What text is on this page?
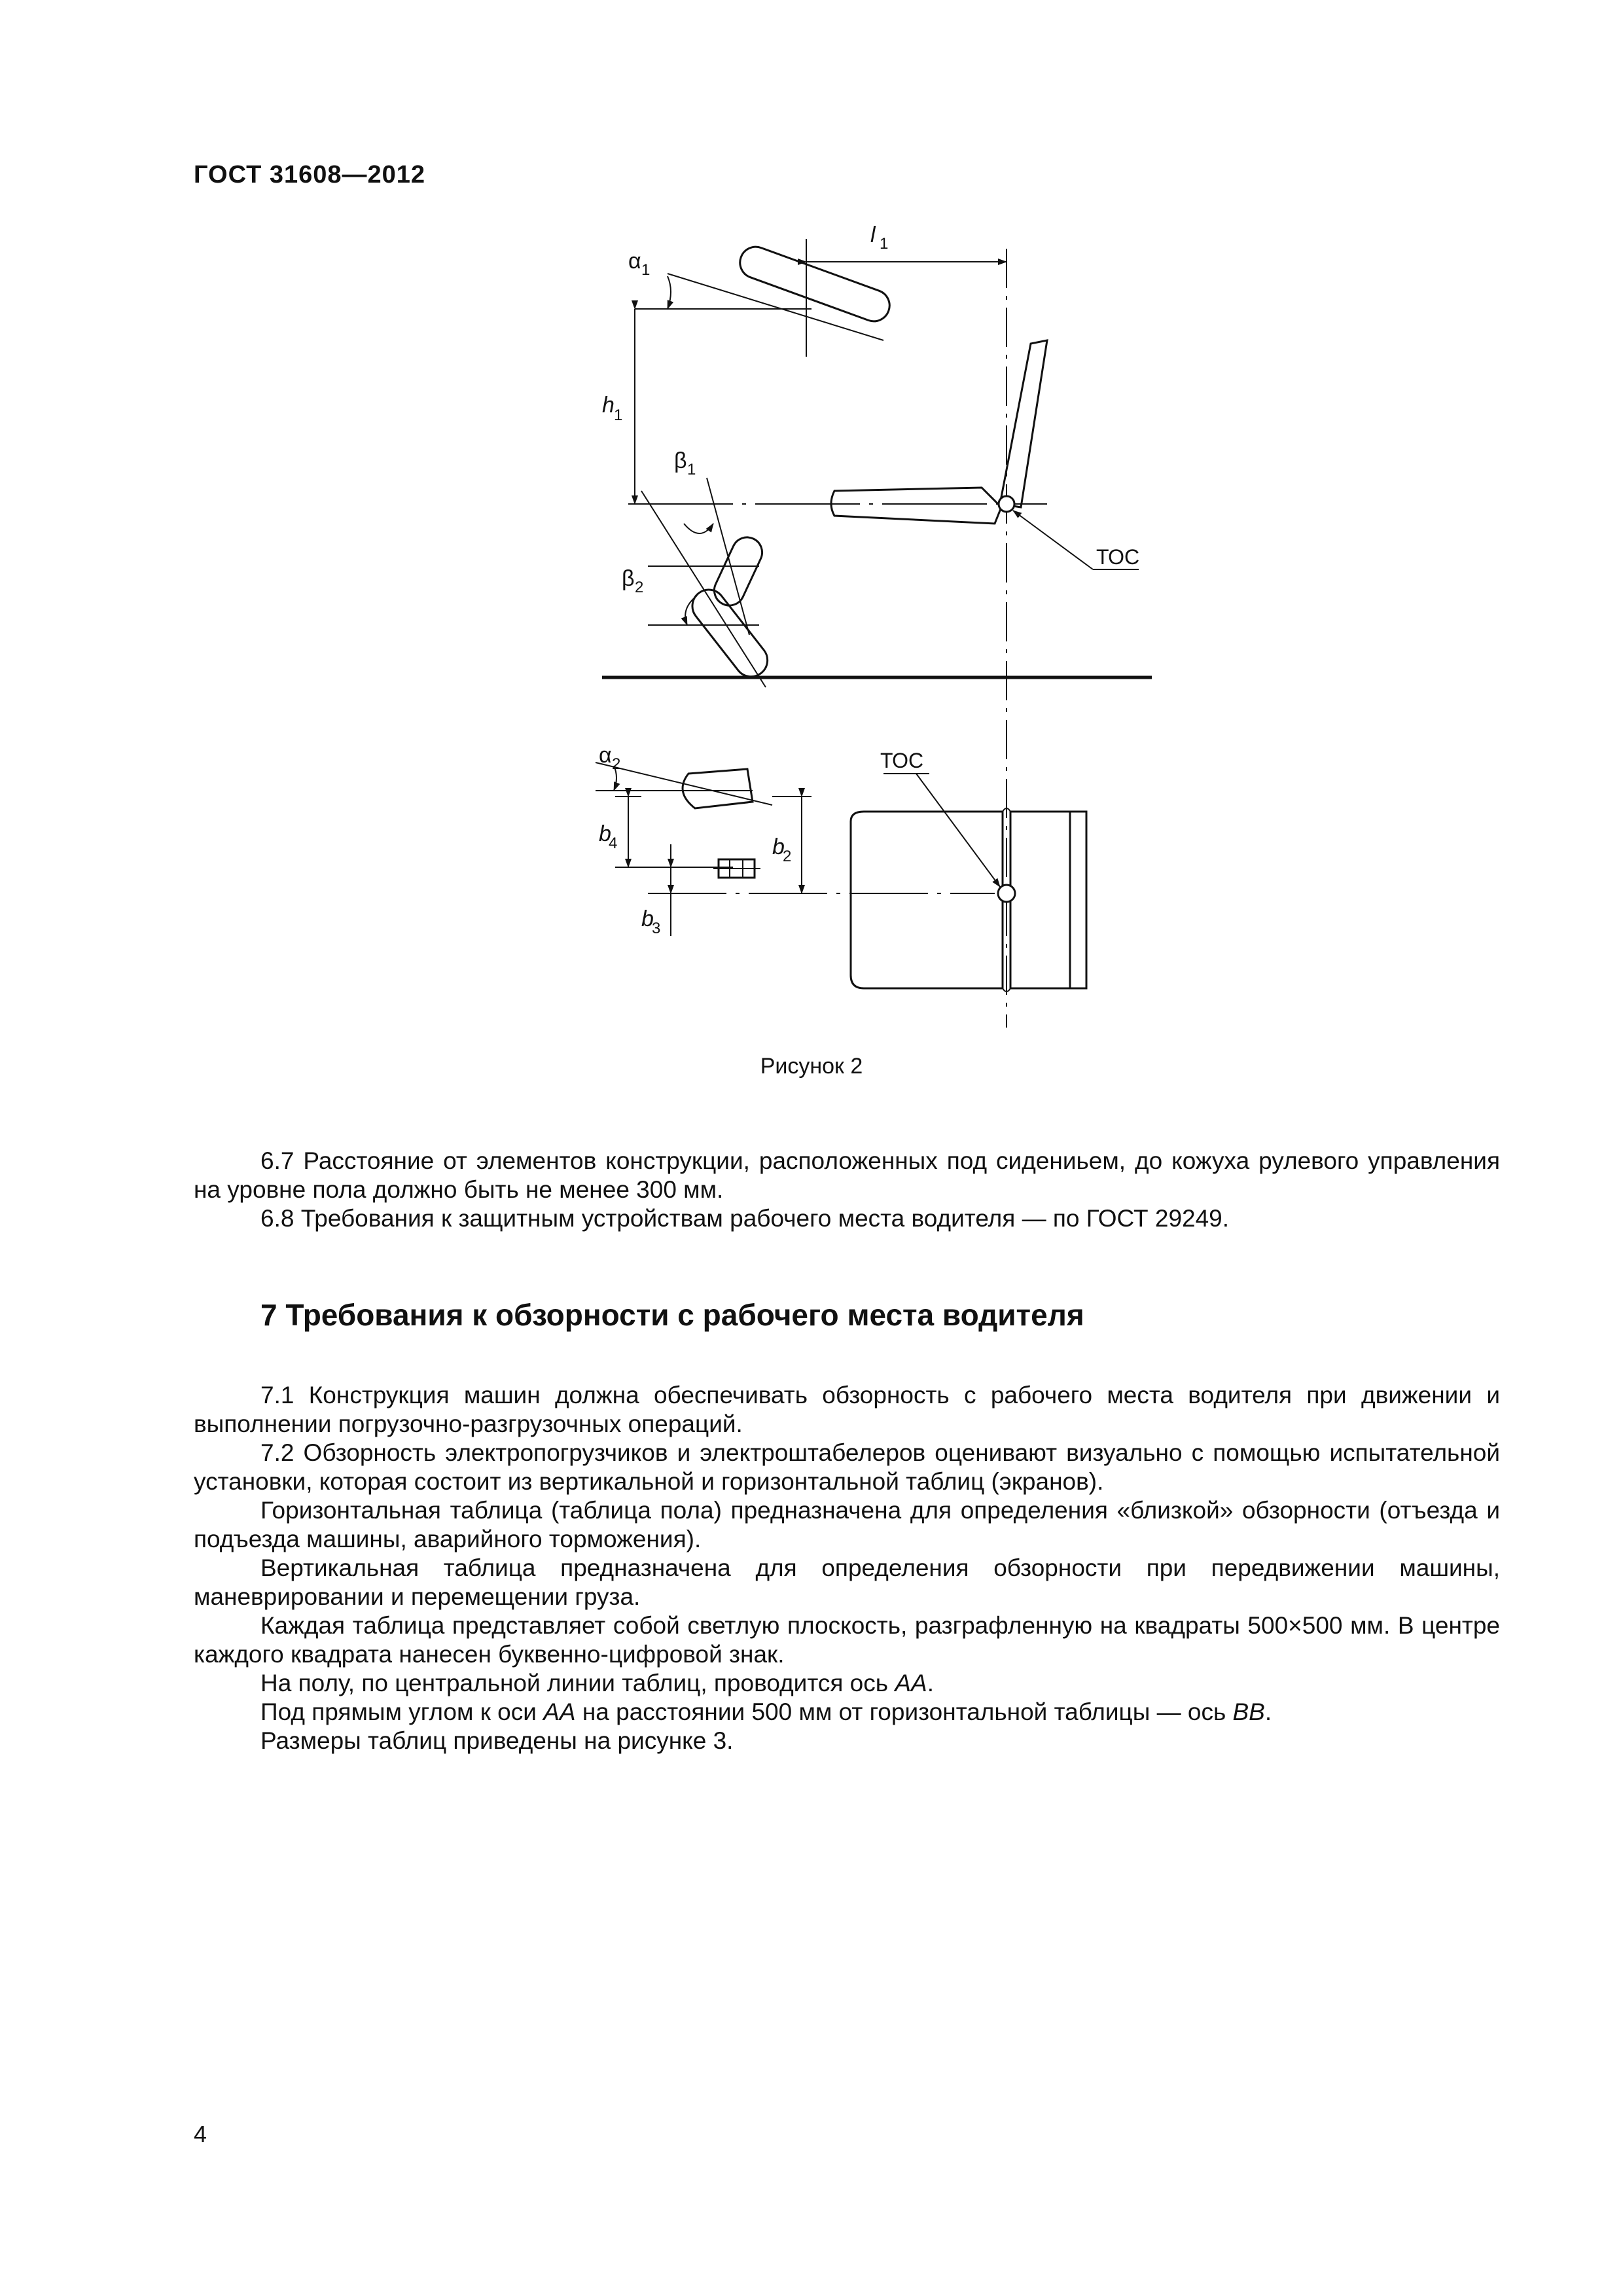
ГОСТ 31608—2012
l 1
α 1
h 1
β 1
β 2
ТОС
α 2	ТОС
b
4	b
2
b
3
Рисунок 2

6.7 Расстояние от элементов конструкции, расположенных под сидениьем, до кожуха рулевого управления на уровне пола должно быть не менее 300 мм.

6.8 Требования к защитным устройствам рабочего места водителя — по ГОСТ 29249.

7 Требования к обзорности с рабочего места водителя

7.1 Конструкция машин должна обеспечивать обзорность с рабочего места водителя при движении и выполнении погрузочно-разгрузочных операций.

7.2 Обзорность электропогрузчиков и электроштабелеров оценивают визуально с помощью испытательной установки, которая состоит из вертикальной и горизонтальной таблиц (экранов).

Горизонтальная таблица (таблица пола) предназначена для определения «близкой» обзорности (отъезда и подъезда машины, аварийного торможения).

Вертикальная таблица предназначена для определения обзорности при передвижении машины, маневрировании и перемещении груза.

Каждая таблица представляет собой светлую плоскость, разграфленную на квадраты 500×500 мм. В центре каждого квадрата нанесен буквенно-цифровой знак.

На полу, по центральной линии таблиц, проводится ось АА.

Под прямым углом к оси АА на расстоянии 500 мм от горизонтальной таблицы — ось ВВ.

Размеры таблиц приведены на рисунке 3.

4
